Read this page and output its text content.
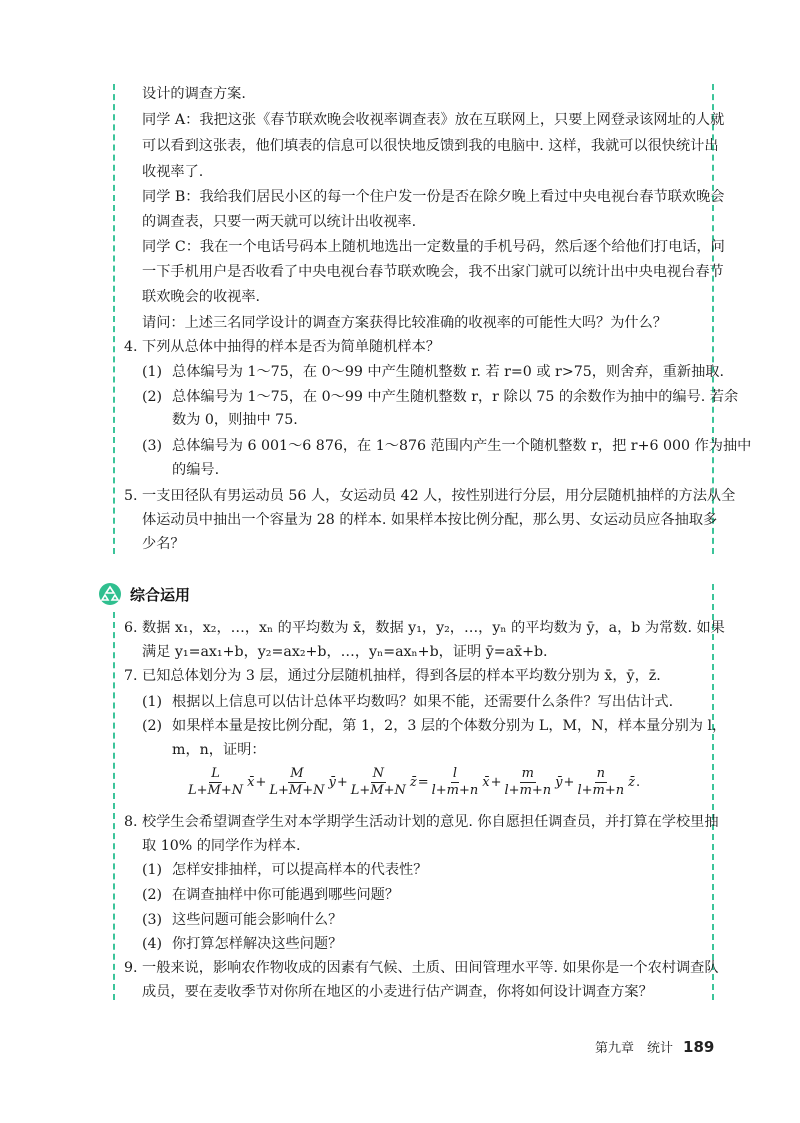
设计的调查方案.
同学 A：我把这张《春节联欢晚会收视率调查表》放在互联网上，只要上网登录该网址的人就
可以看到这张表，他们填表的信息可以很快地反馈到我的电脑中. 这样，我就可以很快统计出
收视率了.
同学 B：我给我们居民小区的每一个住户发一份是否在除夕晚上看过中央电视台春节联欢晚会
的调查表，只要一两天就可以统计出收视率.
同学 C：我在一个电话号码本上随机地选出一定数量的手机号码，然后逐个给他们打电话，问
一下手机用户是否收看了中央电视台春节联欢晚会，我不出家门就可以统计出中央电视台春节
联欢晚会的收视率.
请问：上述三名同学设计的调查方案获得比较准确的收视率的可能性大吗？为什么？
4. 下列从总体中抽得的样本是否为简单随机样本？
(1) 总体编号为 1～75，在 0～99 中产生随机整数 r. 若 r=0 或 r>75，则舍弃，重新抽取.
(2) 总体编号为 1～75，在 0～99 中产生随机整数 r，r 除以 75 的余数作为抽中的编号. 若余
数为 0，则抽中 75.
(3) 总体编号为 6 001～6 876，在 1～876 范围内产生一个随机整数 r，把 r+6 000 作为抽中
的编号.
5. 一支田径队有男运动员 56 人，女运动员 42 人，按性别进行分层，用分层随机抽样的方法从全
体运动员中抽出一个容量为 28 的样本. 如果样本按比例分配，那么男、女运动员应各抽取多
少名？
综合运用
6. 数据 x₁，x₂，…，xₙ 的平均数为 x̄，数据 y₁，y₂，…，yₙ 的平均数为 ȳ，a，b 为常数. 如果
满足 y₁=ax₁+b，y₂=ax₂+b，…，yₙ=axₙ+b，证明 ȳ=ax̄+b.
7. 已知总体划分为 3 层，通过分层随机抽样，得到各层的样本平均数分别为 x̄，ȳ，z̄.
(1) 根据以上信息可以估计总体平均数吗？如果不能，还需要什么条件？写出估计式.
(2) 如果样本量是按比例分配，第 1，2，3 层的个体数分别为 L，M，N，样本量分别为 l，
m，n，证明：
$\frac{L}{L+M+N}$ x̄ + $\frac{M}{L+M+N}$ ȳ + $\frac{N}{L+M+N}$ z̄ = $\frac{l}{l+m+n}$ x̄ + $\frac{m}{l+m+n}$ ȳ + $\frac{n}{l+m+n}$ z̄ .
8. 校学生会希望调查学生对本学期学生活动计划的意见. 你自愿担任调查员，并打算在学校里抽
取 10% 的同学作为样本.
(1) 怎样安排抽样，可以提高样本的代表性？
(2) 在调查抽样中你可能遇到哪些问题？
(3) 这些问题可能会影响什么？
(4) 你打算怎样解决这些问题？
9. 一般来说，影响农作物收成的因素有气候、土质、田间管理水平等. 如果你是一个农村调查队
成员，要在麦收季节对你所在地区的小麦进行估产调查，你将如何设计调查方案？
第九章　统计 189
